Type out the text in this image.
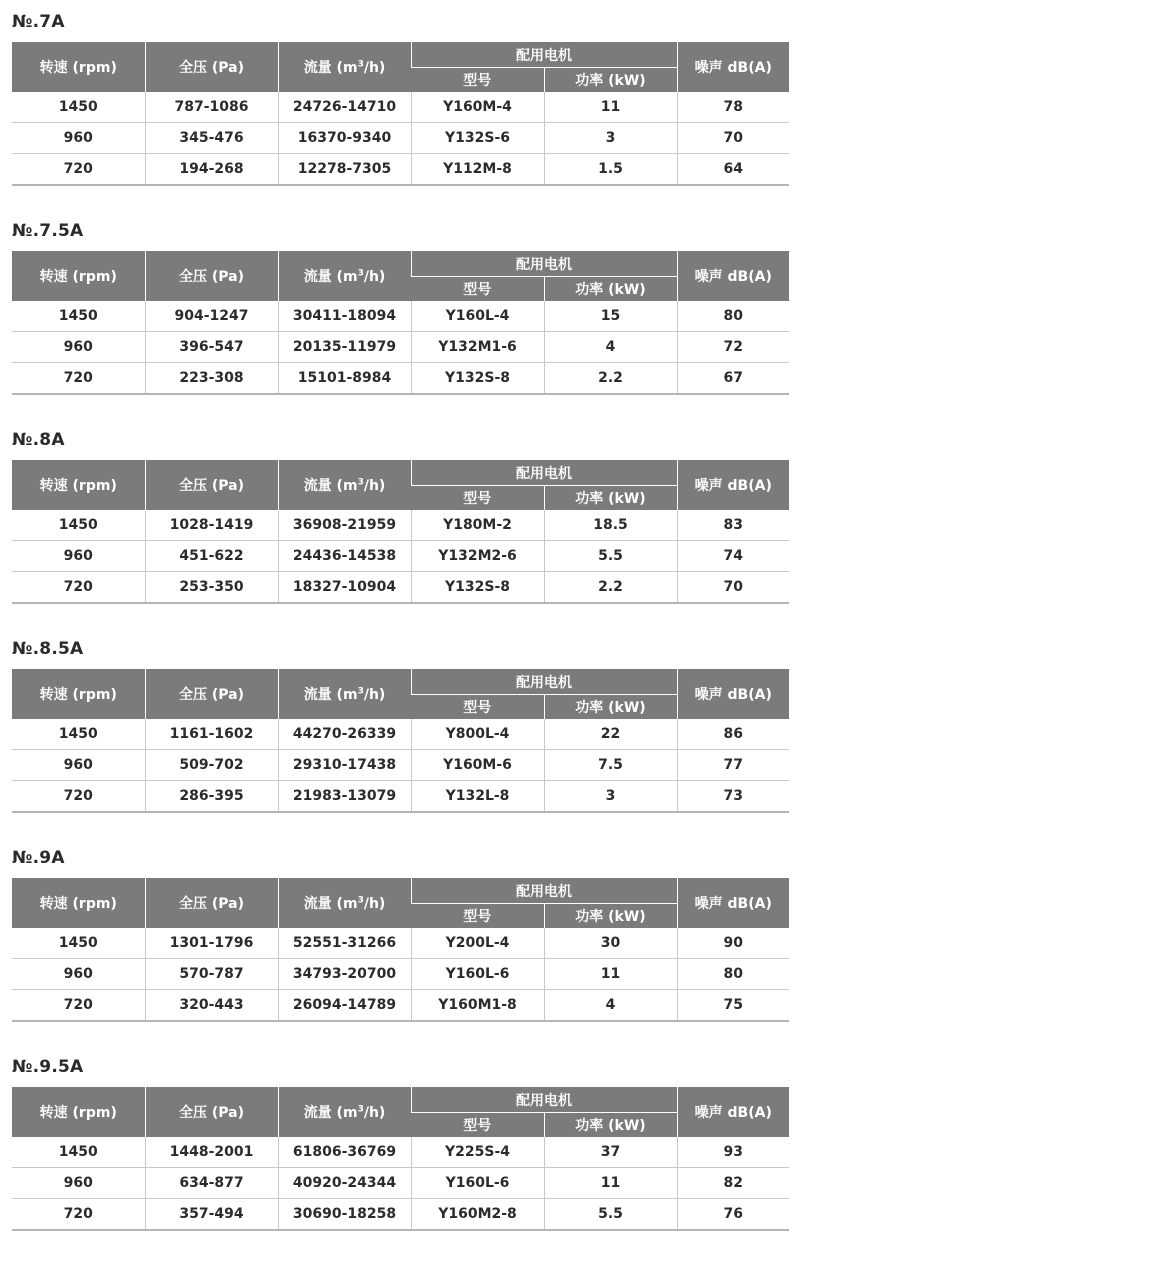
№.7A
转速 (rpm)	全压 (Pa)	流量 $(m^3/h)$	配用电机		噪声 dB(A)
			型号	功率 (kW)	
1450	787-1086	24726-14710	Y160M-4	11	78
960	345-476	16370-9340	Y132S-6	3	70
720	194-268	12278-7305	Y112M-8	1.5	64
№.7.5A
转速 (rpm)	全压 (Pa)	流量 $(m^3/h)$	配用电机		噪声 dB(A)
			型号	功率 (kW)	
1450	904-1247	30411-18094	Y160L-4	15	80
960	396-547	20135-11979	Y132M1-6	4	72
720	223-308	15101-8984	Y132S-8	2.2	67
№.8A
转速 (rpm)	全压 (Pa)	流量 $(m^3/h)$	配用电机		噪声 dB(A)
			型号	功率 (kW)	
1450	1028-1419	36908-21959	Y180M-2	18.5	83
960	451-622	24436-14538	Y132M2-6	5.5	74
720	253-350	18327-10904	Y132S-8	2.2	70
№.8.5A
转速 (rpm)	全压 (Pa)	流量 $(m^3/h)$	配用电机		噪声 dB(A)
			型号	功率 (kW)	
1450	1161-1602	44270-26339	Y800L-4	22	86
960	509-702	29310-17438	Y160M-6	7.5	77
720	286-395	21983-13079	Y132L-8	3	73
№.9A
转速 (rpm)	全压 (Pa)	流量 $(m^3/h)$	配用电机		噪声 dB(A)
			型号	功率 (kW)	
1450	1301-1796	52551-31266	Y200L-4	30	90
960	570-787	34793-20700	Y160L-6	11	80
720	320-443	26094-14789	Y160M1-8	4	75
№.9.5A
转速 (rpm)	全压 (Pa)	流量 $(m^3/h)$	配用电机		噪声 dB(A)
			型号	功率 (kW)	
1450	1448-2001	61806-36769	Y225S-4	37	93
960	634-877	40920-24344	Y160L-6	11	82
720	357-494	30690-18258	Y160M2-8	5.5	76
